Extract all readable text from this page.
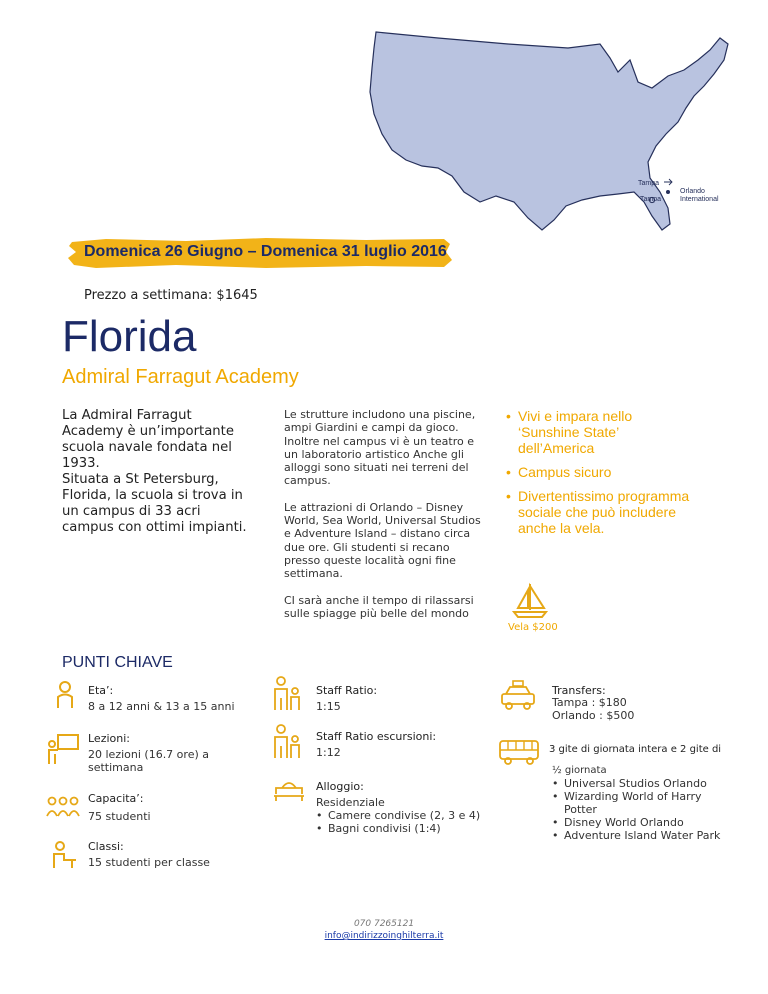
Tampa
Tampa
Orlando International
Domenica 26 Giugno – Domenica 31 luglio 2016
Prezzo a settimana: $1645
Florida
Admiral Farragut Academy

La Admiral Farragut Academy è un’importante scuola navale fondata nel 1933.

Situata a St Petersburg, Florida, la scuola si trova in un campus di 33 acri campus con ottimi impianti.

Le strutture includono una piscine, ampi Giardini e campi da gioco. Inoltre nel campus vi è un teatro e un laboratorio artistico Anche gli alloggi sono situati nei terreni del campus.

Le attrazioni di Orlando – Disney World, Sea World, Universal Studios e Adventure Island – distano circa due ore. Gli studenti si recano presso queste località ogni fine settimana.

CI sarà anche il tempo di rilassarsi sulle spiagge più belle del mondo

• Vivi e impara nello ‘Sunshine State’ dell’America
• Campus sicuro
• Divertentissimo programma sociale che può includere anche la vela.
Vela $200
PUNTI CHIAVE
Eta’:
8 a 12 anni & 13 a 15 anni
Lezioni:
20 lezioni (16.7 ore) a settimana
Capacita’:
75 studenti
Classi:
15 studenti per classe
Staff Ratio:
1:15
Staff Ratio escursioni:
1:12
Alloggio:
Residenziale
• Camere condivise (2, 3 e 4)
• Bagni condivisi (1:4)
Transfers:
Tampa : $180
Orlando : $500
3 gite di giornata intera e 2 gite di
½ giornata
• Universal Studios Orlando
• Wizarding World of Harry Potter
• Disney World Orlando
• Adventure Island Water Park
070 7265121
info@indirizzoinghilterra.it
